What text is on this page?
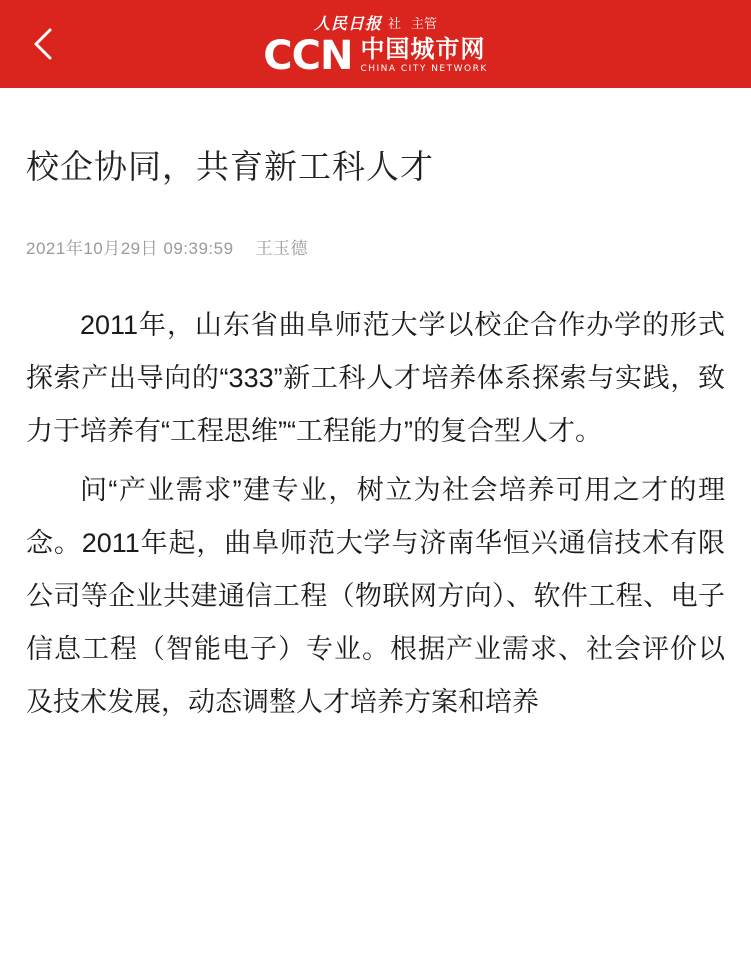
人民日报 社 主管
CCN 中国城市网
CHINA CITY NETWORK
校企协同，共育新工科人才
2021年10月29日 09:39:59 王玉德

2011年，山东省曲阜师范大学以校企合作办学的形式探索产出导向的“333”新工科人才培养体系探索与实践，致力于培养有“工程思维”“工程能力”的复合型人才。

问“产业需求”建专业，树立为社会培养可用之才的理念。2011年起，曲阜师范大学与济南华恒兴通信技术有限公司等企业共建通信工程（物联网方向）、软件工程、电子信息工程（智能电子）专业。根据产业需求、社会评价以及技术发展，动态调整人才培养方案和培养
